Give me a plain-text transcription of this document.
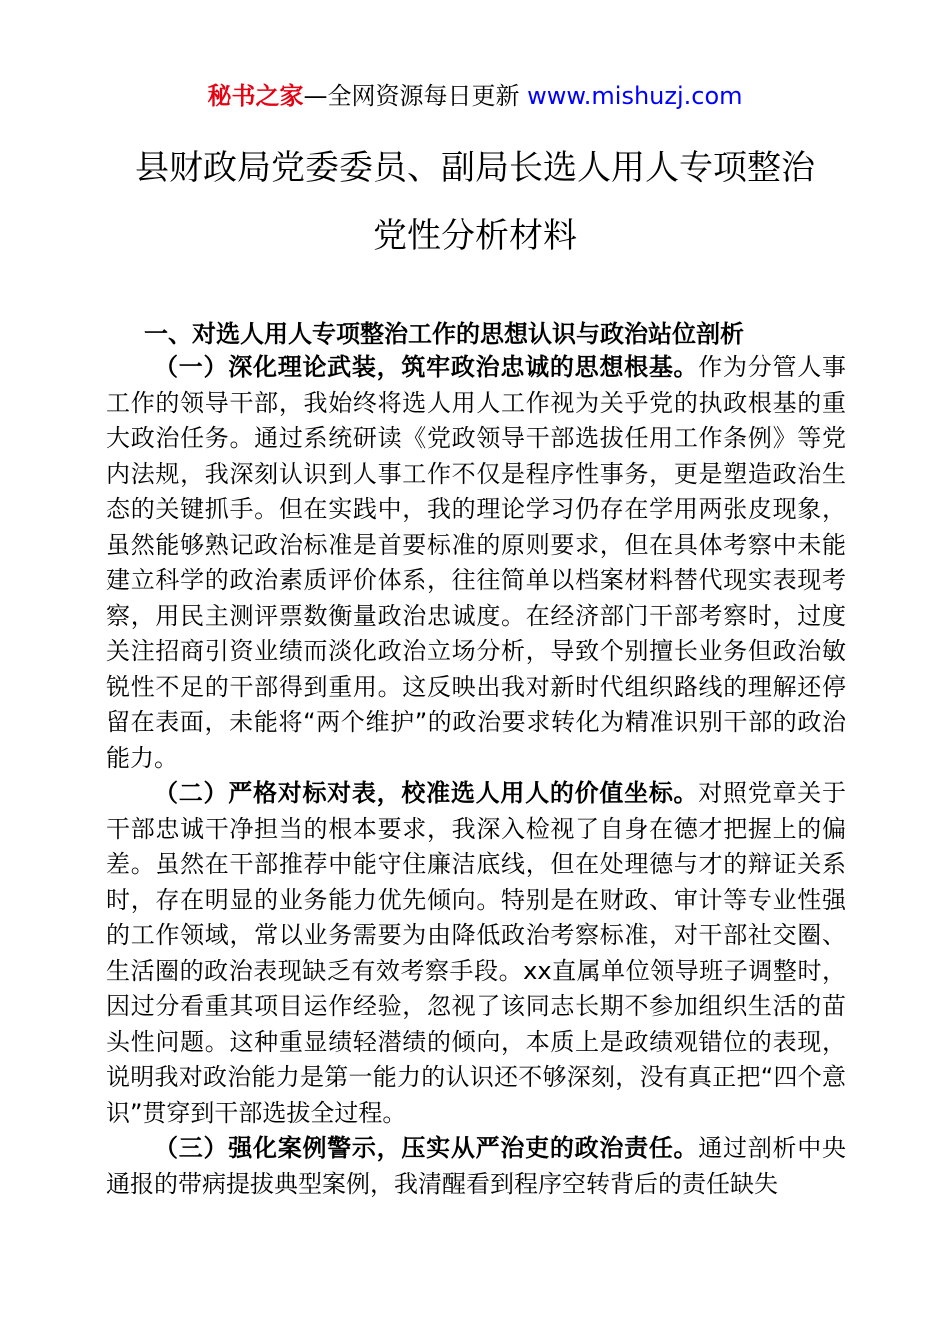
秘书之家—全网资源每日更新 www.mishuzj.com
县财政局党委委员、副局长选人用人专项整治
党性分析材料
一、对选人用人专项整治工作的思想认识与政治站位剖析

（一）深化理论武装，筑牢政治忠诚的思想根基。作为分管人事工作的领导干部，我始终将选人用人工作视为关乎党的执政根基的重大政治任务。通过系统研读《党政领导干部选拔任用工作条例》等党内法规，我深刻认识到人事工作不仅是程序性事务，更是塑造政治生态的关键抓手。但在实践中，我的理论学习仍存在学用两张皮现象，虽然能够熟记政治标准是首要标准的原则要求，但在具体考察中未能建立科学的政治素质评价体系，往往简单以档案材料替代现实表现考察，用民主测评票数衡量政治忠诚度。在经济部门干部考察时，过度关注招商引资业绩而淡化政治立场分析，导致个别擅长业务但政治敏锐性不足的干部得到重用。这反映出我对新时代组织路线的理解还停留在表面，未能将“两个维护”的政治要求转化为精准识别干部的政治能力。

（二）严格对标对表，校准选人用人的价值坐标。对照党章关于干部忠诚干净担当的根本要求，我深入检视了自身在德才把握上的偏差。虽然在干部推荐中能守住廉洁底线，但在处理德与才的辩证关系时，存在明显的业务能力优先倾向。特别是在财政、审计等专业性强的工作领域，常以业务需要为由降低政治考察标准，对干部社交圈、生活圈的政治表现缺乏有效考察手段。xx直属单位领导班子调整时，因过分看重其项目运作经验，忽视了该同志长期不参加组织生活的苗头性问题。这种重显绩轻潜绩的倾向，本质上是政绩观错位的表现，说明我对政治能力是第一能力的认识还不够深刻，没有真正把“四个意识”贯穿到干部选拔全过程。

（三）强化案例警示，压实从严治吏的政治责任。通过剖析中央通报的带病提拔典型案例，我清醒看到程序空转背后的责任缺失
